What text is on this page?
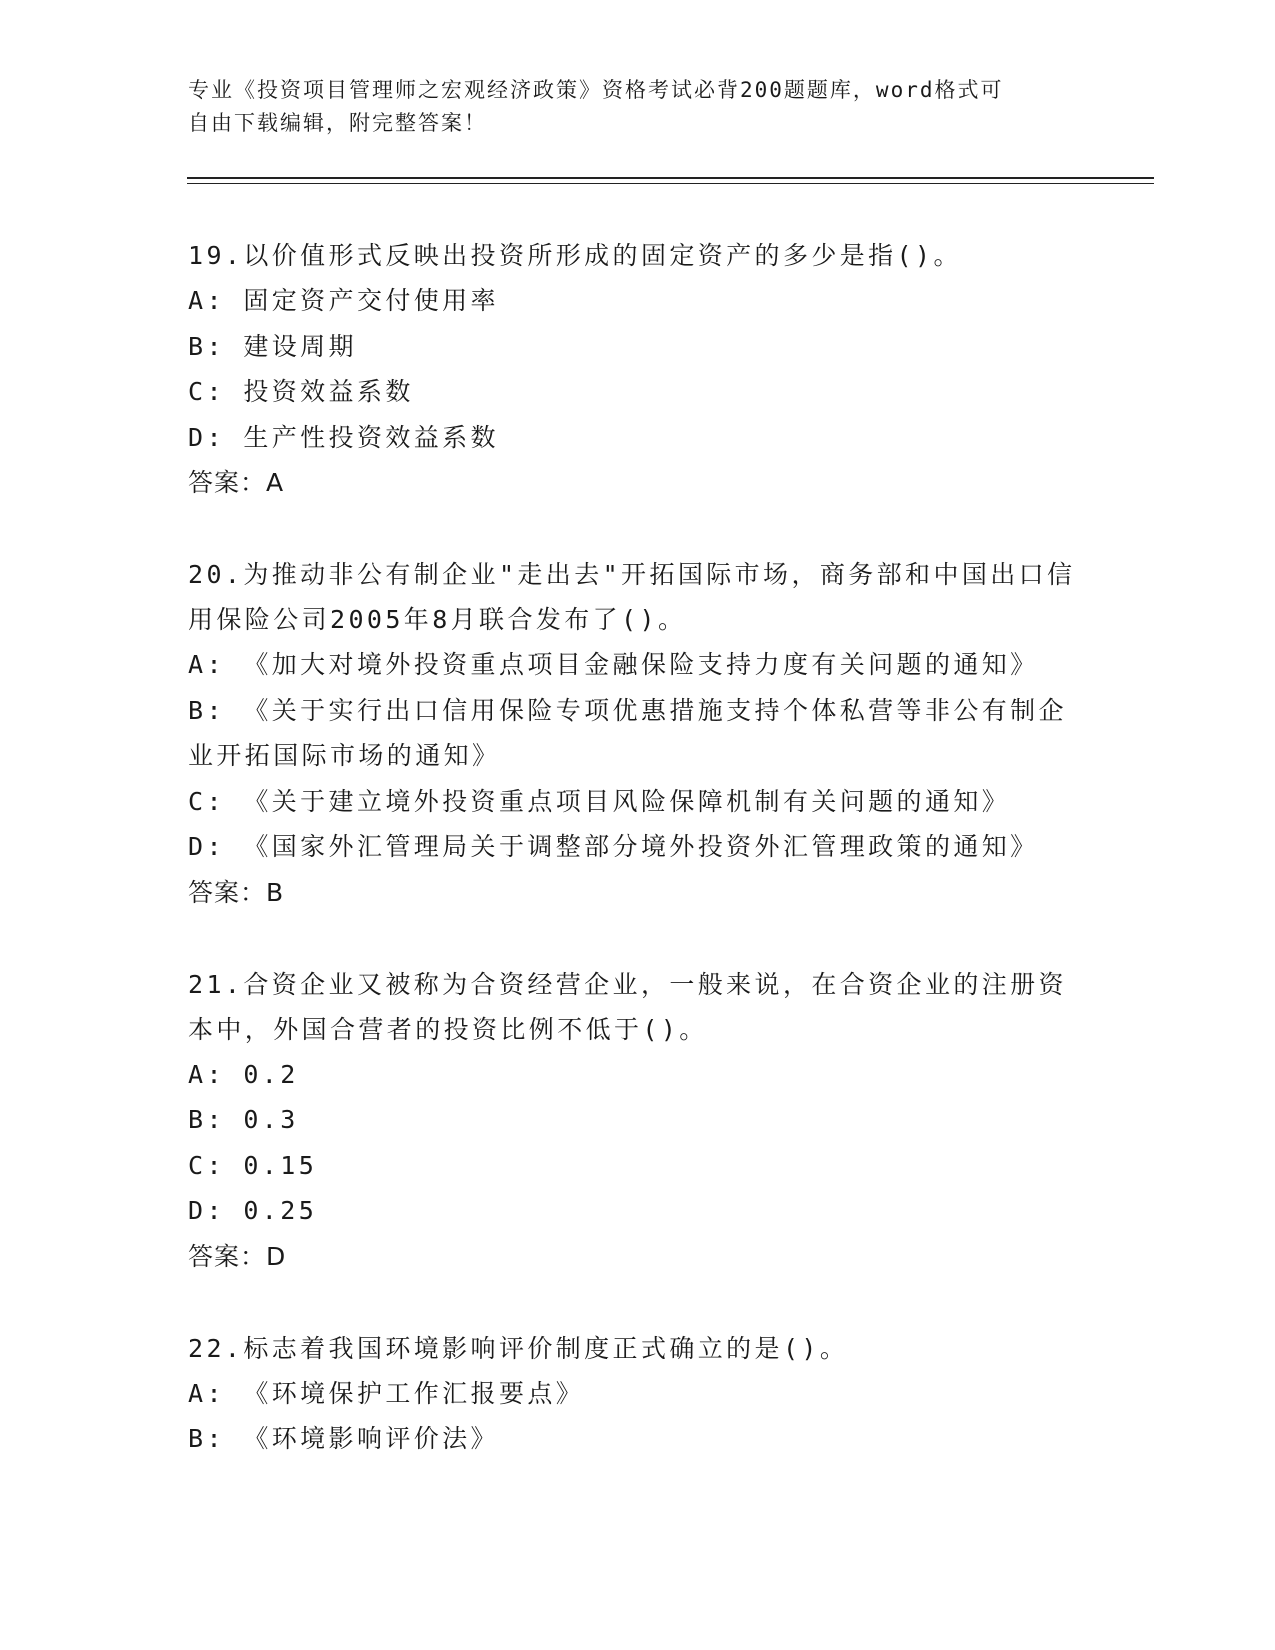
专业《投资项目管理师之宏观经济政策》资格考试必背200题题库，word格式可
自由下载编辑，附完整答案！
19.以价值形式反映出投资所形成的固定资产的多少是指()。
A: 固定资产交付使用率
B: 建设周期
C: 投资效益系数
D: 生产性投资效益系数
答案：A
20.为推动非公有制企业"走出去"开拓国际市场，商务部和中国出口信用保险公司2005年8月联合发布了()。
A: 《加大对境外投资重点项目金融保险支持力度有关问题的通知》
B: 《关于实行出口信用保险专项优惠措施支持个体私营等非公有制企业开拓国际市场的通知》
C: 《关于建立境外投资重点项目风险保障机制有关问题的通知》
D: 《国家外汇管理局关于调整部分境外投资外汇管理政策的通知》
答案：B
21.合资企业又被称为合资经营企业，一般来说，在合资企业的注册资本中，外国合营者的投资比例不低于()。
A: 0.2
B: 0.3
C: 0.15
D: 0.25
答案：D
22.标志着我国环境影响评价制度正式确立的是()。
A: 《环境保护工作汇报要点》
B: 《环境影响评价法》
